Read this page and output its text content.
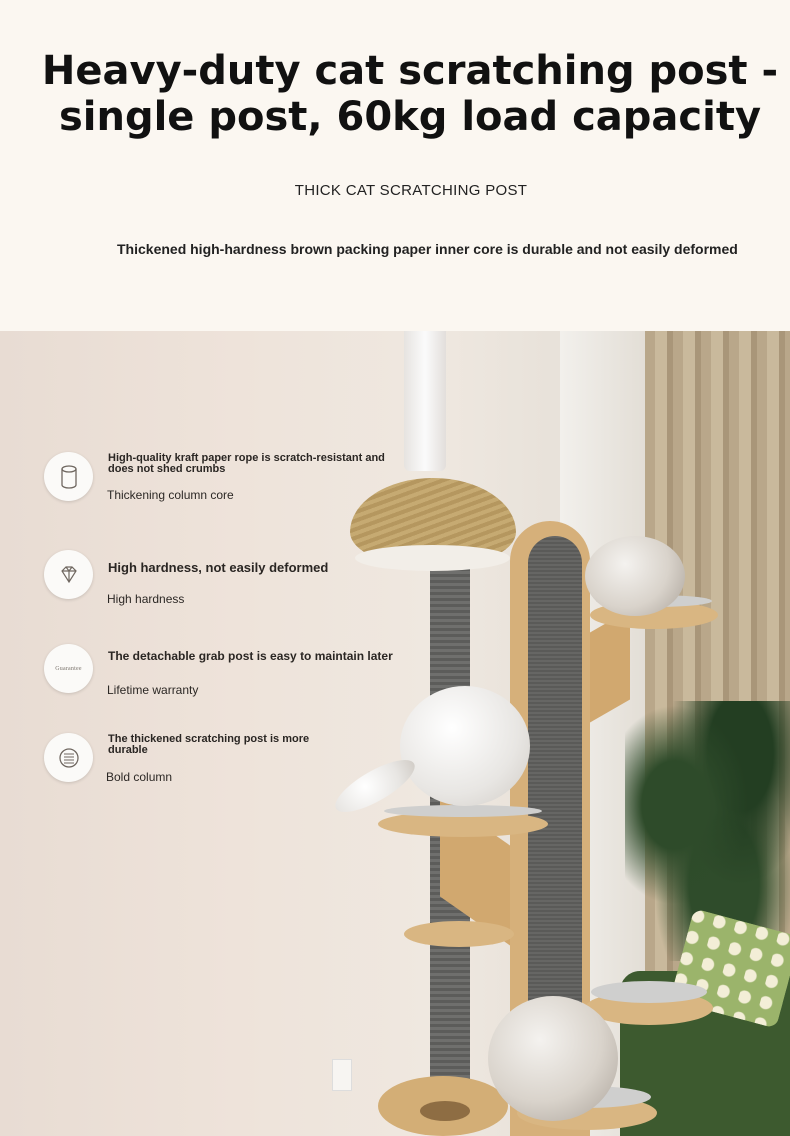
Heavy-duty cat scratching post -
single post, 60kg load capacity
THICK CAT SCRATCHING POST
Thickened high-hardness brown packing paper inner core is durable and not easily deformed
High-quality kraft paper rope is scratch-resistant and does not shed crumbs
Thickening column core
High hardness, not easily deformed
High hardness
Guarantee
The detachable grab post is easy to maintain later
Lifetime warranty
The thickened scratching post is more durable
Bold column
